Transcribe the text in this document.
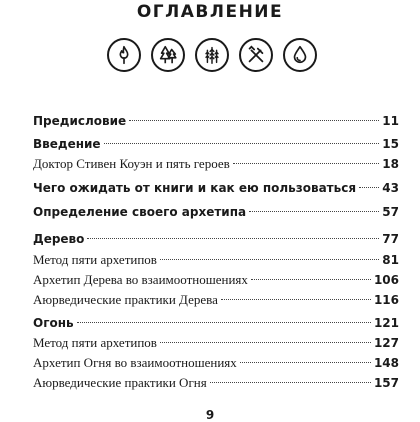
ОГЛАВЛЕНИЕ
Предисловие	11
Введение	15
Доктор Стивен Коуэн и пять героев	18
Чего ожидать от книги и как ею пользоваться 43
Определение своего архетипа	57
Дерево	77
Метод пяти архетипов	81
Архетип Дерева во взаимоотношениях	106
Аюрведические практики Дерева	116
Огонь	121
Метод пяти архетипов	127
Архетип Огня во взаимоотношениях	148
Аюрведические практики Огня	157
9
